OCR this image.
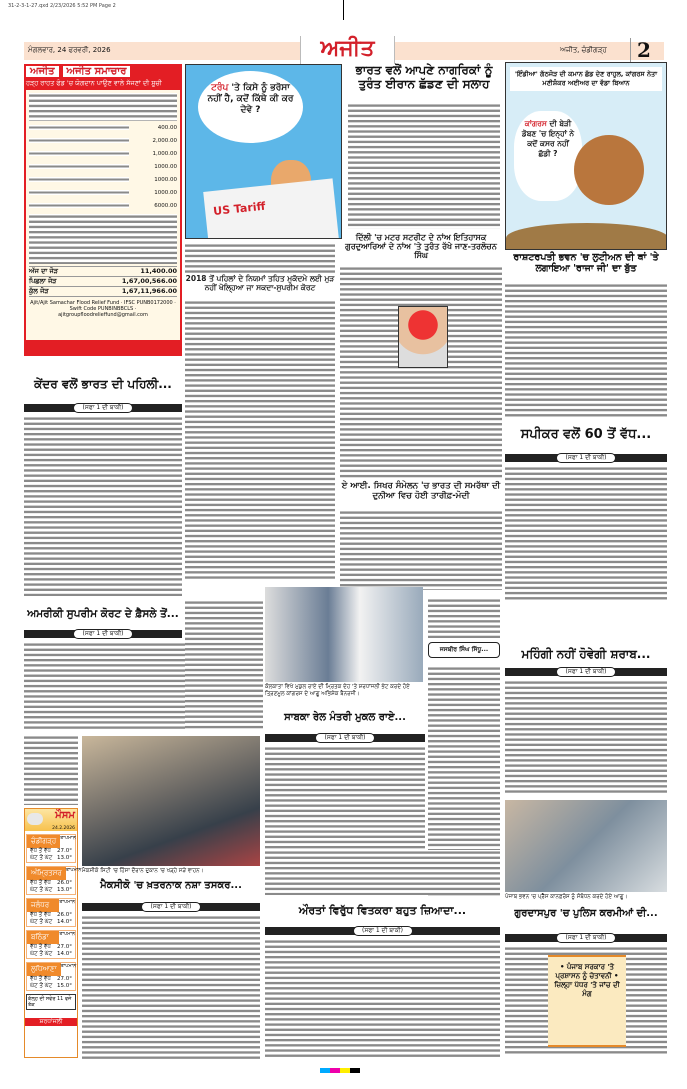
31-2-3-1-27.qxd 2/23/2026 5:52 PM Page 2
ਮੰਗਲਵਾਰ, 24 ਫਰਵਰੀ, 2026	ਅਜੀਤ	ਅਜੀਤ, ਚੰਡੀਗੜ੍ਹ	2
ਅਜੀਤ	ਅਜੀਤ ਸਮਾਚਾਰ
ਹੜ੍ਹ ਰਾਹਤ ਫੰਡ 'ਚ ਯੋਗਦਾਨ ਪਾਉਣ ਵਾਲੇ ਸੱਜਣਾਂ ਦੀ ਸੂਚੀ
400.00
2,000.00
1,000.00
1000.00
1000.00
1000.00
6000.00
ਅੱਜ ਦਾ ਜੋੜ	11,400.00
ਪਿਛਲਾ ਜੋੜ	1,67,00,566.00
ਕੁੱਲ ਜੋੜ	1,67,11,966.00
Ajit/Ajit Samachar Flood Relief Fund · IFSC PUNB0172000 · Swift Code PUNBINBBCLS · ajitgroupfloodrelieffund@gmail.com
ਟਰੰਪ 'ਤੇ ਕਿਸੇ ਨੂੰ ਭਰੋਸਾ ਨਹੀਂ ਹੈ, ਕਦੋਂ ਕਿੱਥੇ ਕੀ ਕਰ ਦੇਵੇ ?
US Tariff
ਭਾਰਤ ਵਲੋਂ ਆਪਣੇ ਨਾਗਰਿਕਾਂ ਨੂੰ ਤੁਰੰਤ ਈਰਾਨ ਛੱਡਣ ਦੀ ਸਲਾਹ
'ਇੰਡੀਆ' ਗੱਠਜੋੜ ਦੀ ਕਮਾਨ ਛੱਡ ਦੇਣ ਰਾਹੁਲ, ਕਾਂਗਰਸ ਨੇਤਾ ਮਣੀਸ਼ੰਕਰ ਅਈਅਰ ਦਾ ਵੱਡਾ ਬਿਆਨ
ਕਾਂਗਰਸ ਦੀ ਬੇੜੀ ਡੋਬਣ 'ਚ ਇਨ੍ਹਾਂ ਨੇ ਕਦੋਂ ਕਸਰ ਨਹੀਂ ਛੱਡੀ ?
ਰਾਸ਼ਟਰਪਤੀ ਭਵਨ 'ਚ ਲੁਟੀਅਨ ਦੀ ਥਾਂ 'ਤੇ ਲਗਾਇਆ 'ਰਾਜਾ ਜੀ' ਦਾ ਬੁੱਤ
ਸਪੀਕਰ ਵਲੋਂ 60 ਤੋਂ ਵੱਧ...
(ਸਫਾ 1 ਦੀ ਬਾਕੀ)
ਮਹਿੰਗੀ ਨਹੀਂ ਹੋਵੇਗੀ ਸ਼ਰਾਬ...
(ਸਫਾ 1 ਦੀ ਬਾਕੀ)
ਪੰਜਾਬ ਭਵਨ 'ਚ ਪ੍ਰੈੱਸ ਕਾਨਫ਼ਰੰਸ ਨੂੰ ਸੰਬੋਧਨ ਕਰਦੇ ਹੋਏ ਆਗੂ।
ਗੁਰਦਾਸਪੁਰ 'ਚ ਪੁਲਿਸ ਕਰਮੀਆਂ ਦੀ...
(ਸਫਾ 1 ਦੀ ਬਾਕੀ)
• ਪੰਜਾਬ ਸਰਕਾਰ 'ਤੇ ਪ੍ਰਸ਼ਾਸਨ ਨੂੰ ਚੇਤਾਵਨੀ • ਜ਼ਿਲ੍ਹਾ ਪੱਧਰ 'ਤੇ ਜਾਂਚ ਦੀ ਮੰਗ
2018 ਤੋਂ ਪਹਿਲਾਂ ਦੇ ਨਿਯਮਾਂ ਤਹਿਤ ਮੁਕੱਦਮੇ ਲਈ ਮੁੜ ਨਹੀਂ ਖੋਲ੍ਹਿਆ ਜਾ ਸਕਦਾ-ਸੁਪਰੀਮ ਕੋਰਟ
ਦਿੱਲੀ 'ਚ ਮਟਰ ਸਟਰੀਟ ਦੇ ਨਾਂਅ ਇਤਿਹਾਸਕ ਗੁਰਦੁਆਰਿਆਂ ਦੇ ਨਾਂਅ 'ਤੇ ਤੁਰੰਤ ਰੱਖੇ ਜਾਣ-ਤਰਲੋਚਨ ਸਿੰਘ
ਏ ਆਈ. ਸਿਖਰ ਸੰਮੇਲਨ 'ਚ ਭਾਰਤ ਦੀ ਸਮਰੱਥਾ ਦੀ ਦੁਨੀਆ ਵਿਚ ਹੋਈ ਤਾਰੀਫ਼-ਮੋਦੀ
ਕੇਂਦਰ ਵਲੋਂ ਭਾਰਤ ਦੀ ਪਹਿਲੀ...
(ਸਫਾ 1 ਦੀ ਬਾਕੀ)
ਅਮਰੀਕੀ ਸੁਪਰੀਮ ਕੋਰਟ ਦੇ ਫ਼ੈਸਲੇ ਤੋਂ...
(ਸਫਾ 1 ਦੀ ਬਾਕੀ)
ਮੌਸਮ
24.2.2026
ਚੰਡੀਗੜ੍ਹ ਤਾਪਮਾਨ
ਵੱਧ ਤੋਂ ਵੱਧ 27.0°
ਘੱਟ ਤੋਂ ਘੱਟ 13.0°
ਅੰਮ੍ਰਿਤਸਰ ਤਾਪਮਾਨ
ਵੱਧ ਤੋਂ ਵੱਧ 26.0°
ਘੱਟ ਤੋਂ ਘੱਟ 13.0°
ਜਲੰਧਰ	ਤਾਪਮਾਨ
ਵੱਧ ਤੋਂ ਵੱਧ 26.0°
ਘੱਟ ਤੋਂ ਘੱਟ 14.0°
ਬਠਿੰਡਾ	ਤਾਪਮਾਨ
ਵੱਧ ਤੋਂ ਵੱਧ 27.0°
ਘੱਟ ਤੋਂ ਘੱਟ 14.0°
ਲੁਧਿਆਣਾ ਤਾਪਮਾਨ
ਵੱਧ ਤੋਂ ਵੱਧ 27.0°
ਘੱਟ ਤੋਂ ਘੱਟ 15.0°
ਕੱਲ੍ਹ ਦੀ ਸਵੇਰ 11 ਵਜੇ ਤੱਕ
ਸ਼ਰਧਾਂਜਲੀ
ਕੋਲਕਾਤਾ ਵਿਖੇ ਮੁਕੁਲ ਰਾਏ ਦੀ ਮ੍ਰਿਤਕ ਦੇਹ 'ਤੇ ਸ਼ਰਧਾਂਜਲੀ ਭੇਟ ਕਰਦੇ ਹੋਏ ਤ੍ਰਿਣਮੂਲ ਕਾਂਗਰਸ ਦੇ ਆਗੂ ਅਭਿਸ਼ੇਕ ਬੈਨਰਜੀ।
ਸਾਬਕਾ ਰੇਲ ਮੰਤਰੀ ਮੁਕਲ ਰਾਏ...
(ਸਫਾ 1 ਦੀ ਬਾਕੀ)
ਜਸਬੀਰ ਸਿੰਘ ਸਿੱਧੂ...
ਮੈਕਸੀਕੋ ਸਿਟੀ 'ਚ ਹਿੰਸਾ ਦੌਰਾਨ ਦੁਕਾਨ 'ਚ ਖੜ੍ਹੇ ਸੜੇ ਵਾਹਨ।
ਮੈਕਸੀਕੋ 'ਚ ਖ਼ਤਰਨਾਕ ਨਸ਼ਾ ਤਸਕਰ...
(ਸਫਾ 1 ਦੀ ਬਾਕੀ)	ਔਰਤਾਂ ਵਿਰੁੱਧ ਵਿਤਕਰਾ ਬਹੁਤ ਜ਼ਿਆਦਾ...
(ਸਫਾ 1 ਦੀ ਬਾਕੀ)
